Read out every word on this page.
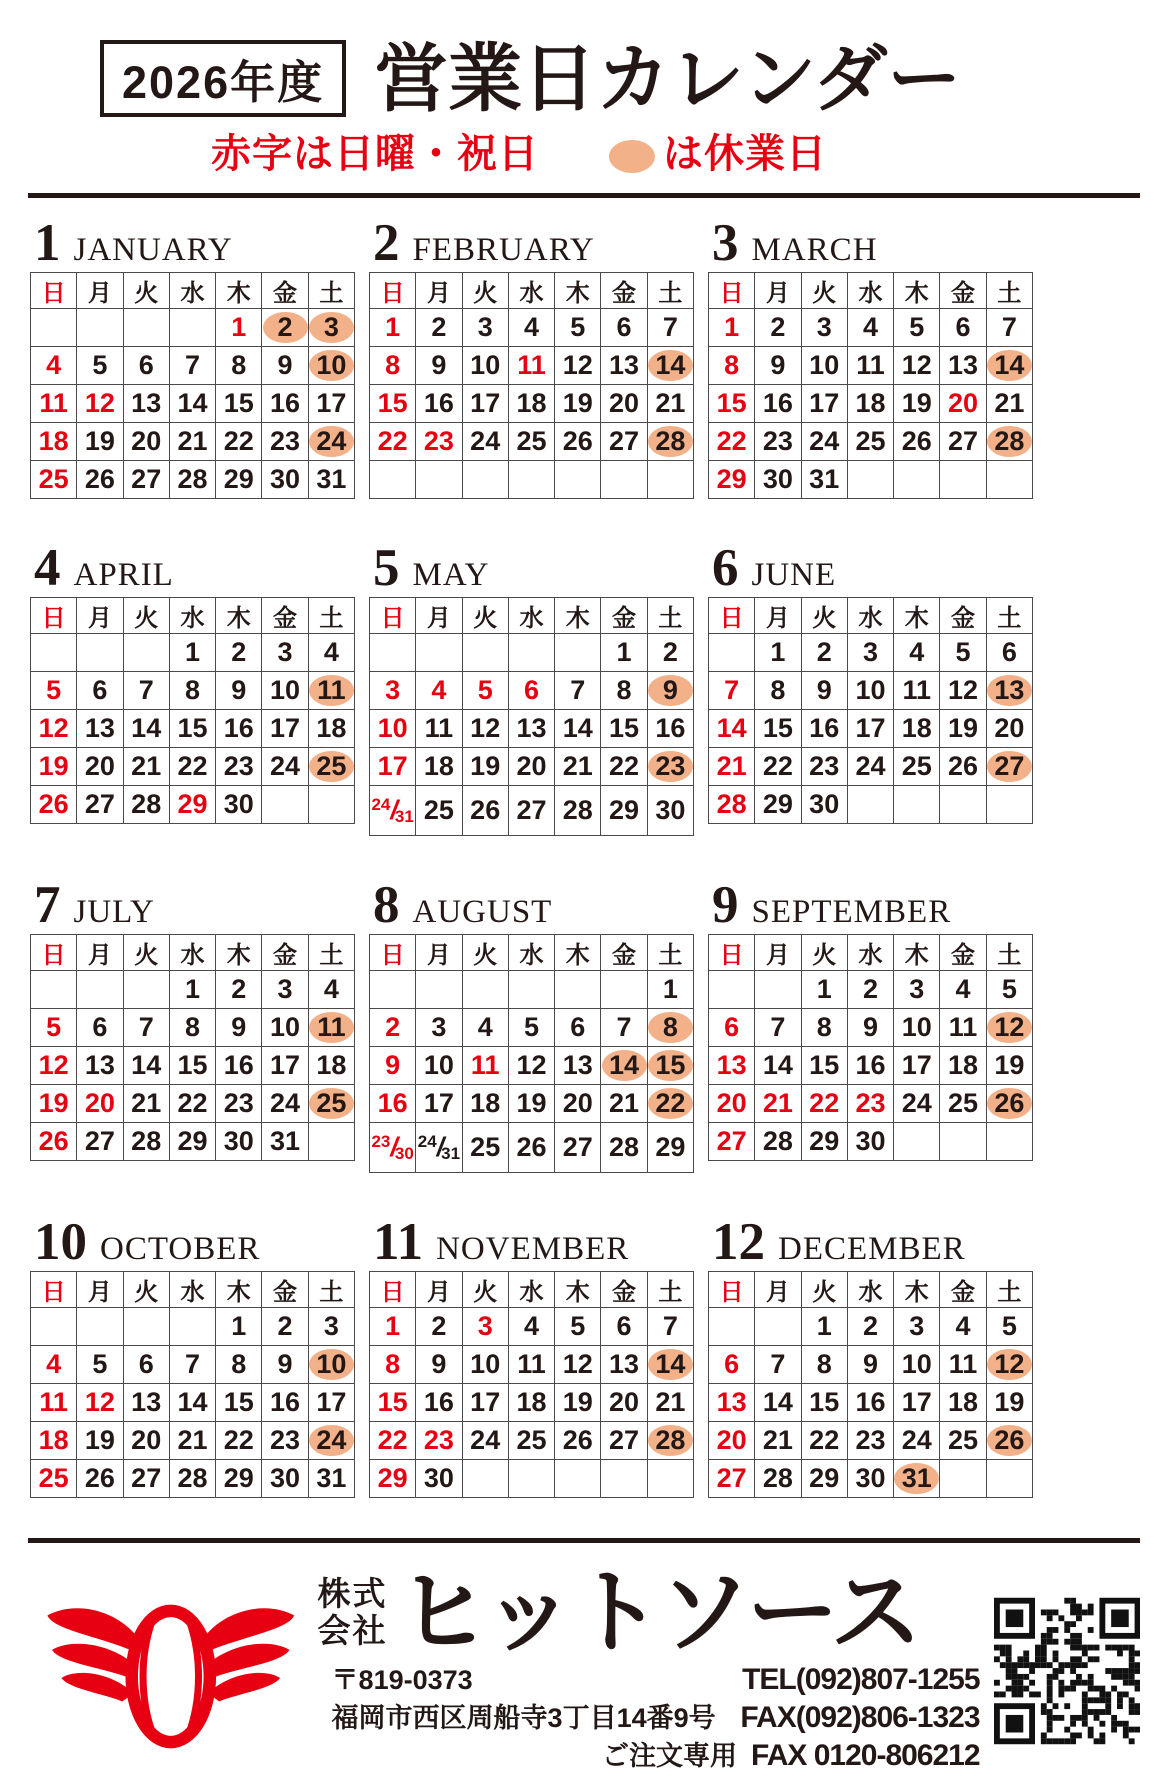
2026年度 営業日カレンダー
赤字は日曜・祝日	は休業日
1 JANUARY
日	月	火	水	木	金	土
				1	2	3
4	5	6	7	8	9	10
11	12	13	14	15	16	17
18	19	20	21	22	23	24
25	26	27	28	29	30	31
2 FEBRUARY
日	月	火	水	木	金	土
1	2	3	4	5	6	7
8	9	10	11	12	13	14
15	16	17	18	19	20	21
22	23	24	25	26	27	28

3 MARCH
日	月	火	水	木	金	土
1	2	3	4	5	6	7
8	9	10	11	12	13	14
15	16	17	18	19	20	21
22	23	24	25	26	27	28
29	30	31				
4 APRIL
日	月	火	水	木	金	土
			1	2	3	4
5	6	7	8	9	10	11
12	13	14	15	16	17	18
19	20	21	22	23	24	25
26	27	28	29	30		
5 MAY
日	月	火	水	木	金	土
					1	2
3	4	5	6	7	8	9
10	11	12	13	14	15	16
17	18	19	20	21	22	23
$^{24}$/31	25	26	27	28	29	30
6 JUNE
日	月	火	水	木	金	土
	1	2	3	4	5	6
7	8	9	10	11	12	13
14	15	16	17	18	19	20
21	22	23	24	25	26	27
28	29	30				
7 JULY
日	月	火	水	木	金	土
			1	2	3	4
5	6	7	8	9	10	11
12	13	14	15	16	17	18
19	20	21	22	23	24	25
26	27	28	29	30	31	
8 AUGUST
日	月	火	水	木	金	土
						1
2	3	4	5	6	7	8
9	10	11	12	13	14	15
16	17	18	19	20	21	22
$^{23}$/30	$^{24}$/31	25	26	27	28	29
9 SEPTEMBER
日	月	火	水	木	金	土
		1	2	3	4	5
6	7	8	9	10	11	12
13	14	15	16	17	18	19
20	21	22	23	24	25	26
27	28	29	30			
10 OCTOBER
日	月	火	水	木	金	土
				1	2	3
4	5	6	7	8	9	10
11	12	13	14	15	16	17
18	19	20	21	22	23	24
25	26	27	28	29	30	31
11 NOVEMBER
日	月	火	水	木	金	土
1	2	3	4	5	6	7
8	9	10	11	12	13	14
15	16	17	18	19	20	21
22	23	24	25	26	27	28
29	30					
12 DECEMBER
日	月	火	水	木	金	土
		1	2	3	4	5
6	7	8	9	10	11	12
13	14	15	16	17	18	19
20	21	22	23	24	25	26
27	28	29	30	31		
株式
会社 ヒットソース
〒819-0373	TEL(092)807-1255
福岡市西区周船寺3丁目14番9号 FAX(092)806-1323
ご注文専用 FAX 0120-806212
